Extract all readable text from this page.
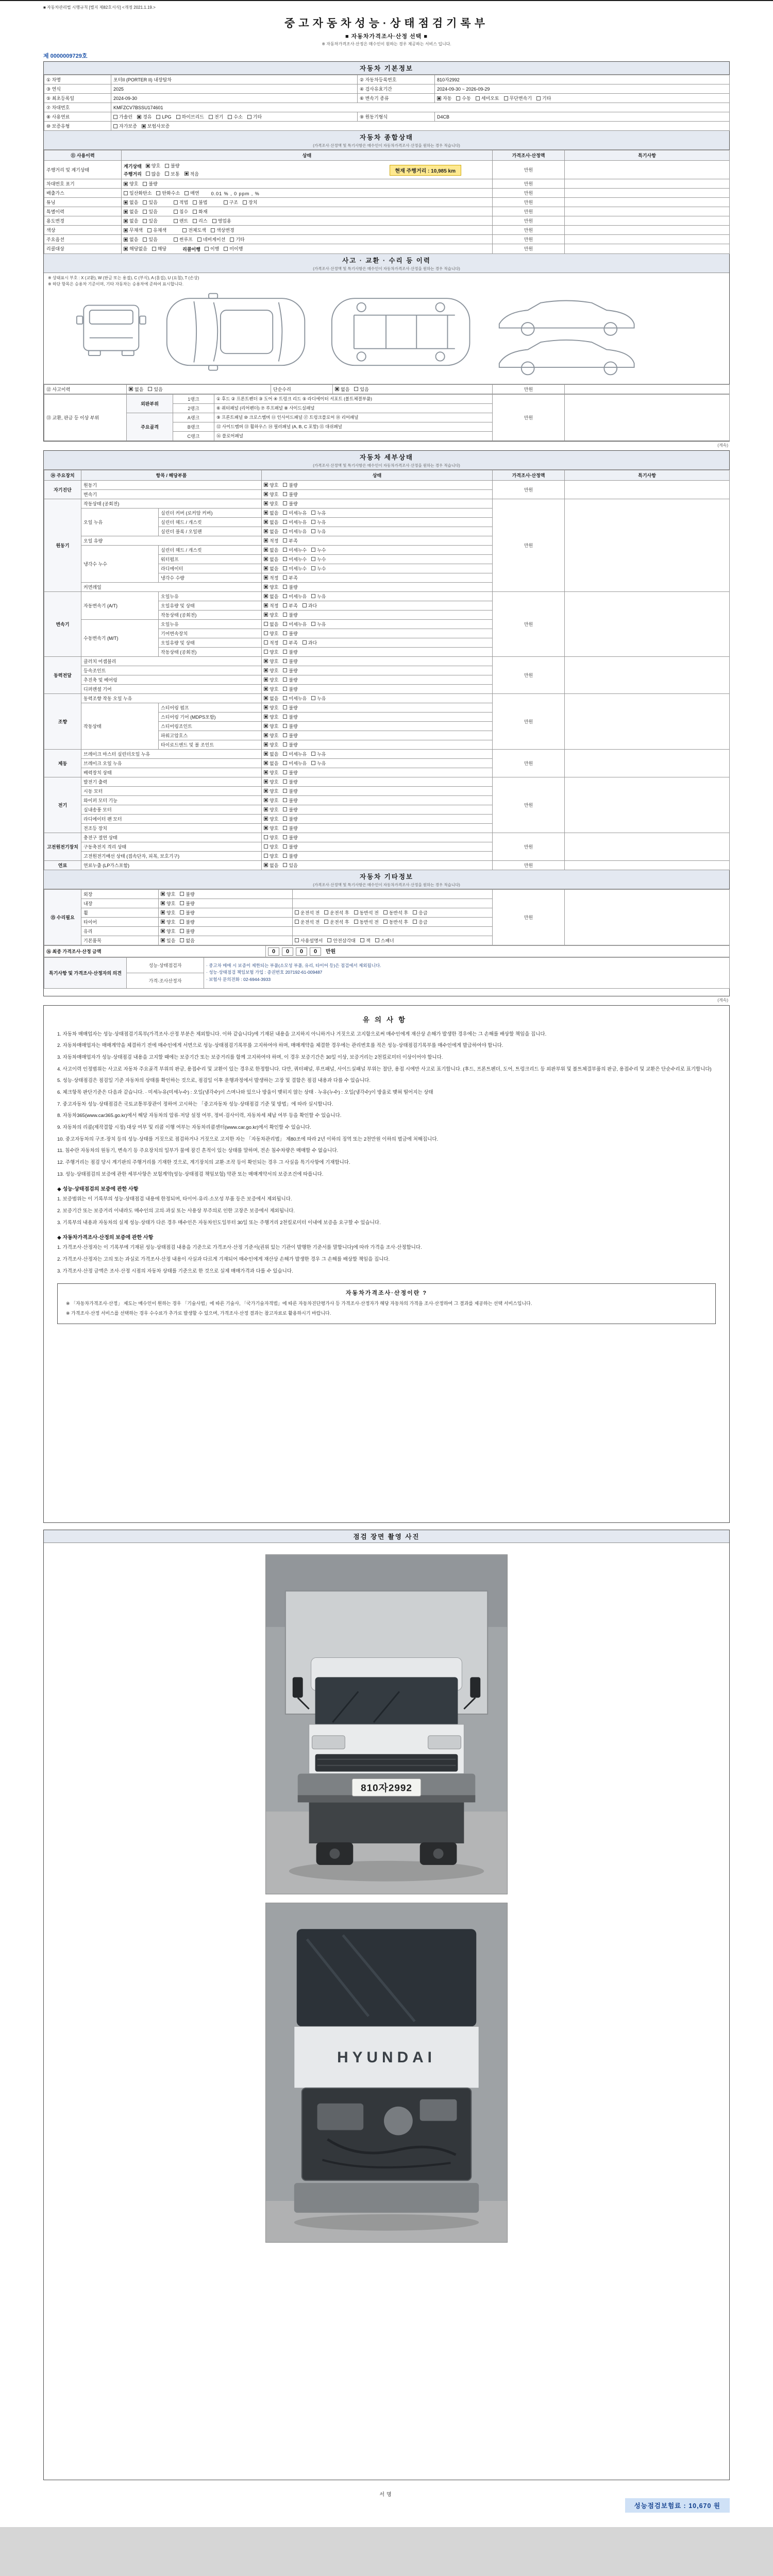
■ 자동차관리법 시행규칙 [별지 제82호서식] <개정 2021.1.19.>
중고자동차성능·상태점검기록부
■ 자동차가격조사·산정 선택 ■
※ 자동차가격조사·산정은 매수인이 원하는 경우 제공하는 서비스 입니다.
제 0000009729호
자동차 기본정보
① 차명	포터II (PORTER II) 내장탑차	② 자동차등록번호	810자2992
③ 연식	2025	④ 검사유효기간	2024-09-30 ~ 2026-09-29
⑤ 최초등록일	2024-09-30	⑥ 변속기 종류	자동 수동 세미오토 무단변속기 기타

⑦ 차대번호	KMFZCV7BSSU174601		
⑧ 사용연료	가솔린 경유 LPG 하이브리드 전기 수소 기타	⑨ 원동기형식	D4CB
⑩ 보증유형	자가보증 보험사보증		
자동차 종합상태
(가격조사·산정액 및 특기사항은 매수인이 자동차가격조사·산정을 원하는 경우 적습니다)
⑪ 사용이력	상태	가격조사·산정액	특기사항
주행거리 및 계기상태	
계기상태 양호 불량
주행거리 많음 보통 적음	현재 주행거리 : 10,985 km	만원	
차대번호 표기	양호 불량	만원	
배출가스	일산화탄소 탄화수소 매연 0.01 % , 0 ppm , %	만원	
튜닝	없음 있음	적법 불법	구조 장치	만원	
특별이력	없음 있음 침수 화재	만원	
용도변경	없음 있음 렌트 리스 영업용	만원	
색상	무채색 유채색 전체도색 색상변경	만원	
주요옵션	없음 있음 썬루프 네비게이션 기타	만원	
리콜대상	해당없음 해당 리콜이행 이행 미이행	만원	
사고 · 교환 · 수리 등 이력
(가격조사·산정액 및 특기사항은 매수인이 자동차가격조사·산정을 원하는 경우 적습니다)
※ 상태표시 부호 : X (교환), W (판금 또는 용접), C (부식), A (흠집), U (요철), T (손상)
※ 하단 항목은 승용차 기준이며, 기타 자동차는 승용차에 준하여 표시합니다.
⑫ 사고이력	없음 있음	단순수리	없음 있음	만원	
⑬ 교환, 판금 등 이상 부위	외판부위	1랭크	① 후드 ② 프론트펜더 ③ 도어 ④ 트렁크 리드 ⑤ 라디에이터 서포트 (볼트체결부품)	만원	
		2랭크	⑥ 쿼터패널 (리어펜더) ⑦ 루프패널 ⑧ 사이드실패널		
	주요골격	A랭크	⑨ 프론트패널 ⑩ 크로스멤버 ⑪ 인사이드패널 ⑰ 트렁크플로어 ⑱ 리어패널		
		B랭크	⑫ 사이드멤버 ⑬ 휠하우스 ⑭ 필러패널 (A, B, C 포함) ⑮ 대쉬패널		
		C랭크	⑯ 플로어패널		
(계속)
자동차 세부상태
(가격조사·산정액 및 특기사항은 매수인이 자동차가격조사·산정을 원하는 경우 적습니다)
⑭ 주요장치	항목 / 해당부품		상태	가격조사·산정액	특기사항
자기진단	원동기		양호 불량	만원	
	변속기		양호 불량		

원동기	작동상태 (공회전)		양호 불량	만원	
	오일 누유	실린더 커버 (로커암 커버)	없음 미세누유 누유		

		실린더 헤드 / 개스킷	없음 미세누유 누유		

		실린더 블록 / 오일팬	없음 미세누유 누유		

	오일 유량		적정 부족		

	냉각수 누수	실린더 헤드 / 개스킷	없음 미세누수 누수		

		워터펌프	없음 미세누수 누수		

		라디에이터	없음 미세누수 누수		

		냉각수 수량	적정 부족		

	커먼레일		양호 불량		

변속기	자동변속기 (A/T)	오일누유	없음 미세누유 누유	만원	
		오일유량 및 상태	적정 부족 과다		

		작동상태 (공회전)	양호 불량		

	수동변속기 (M/T)	오일누유	없음 미세누유 누유		

		기어변속장치	양호 불량		

		오일유량 및 상태	적정 부족 과다		

		작동상태 (공회전)	양호 불량		

동력전달	클러치 어셈블리		양호 불량	만원	
	등속조인트		양호 불량		

	추진축 및 베어링		양호 불량		

	디퍼렌셜 기어		양호 불량		

조향	동력조향 작동 오일 누유		없음 미세누유 누유	만원	
	작동상태	스티어링 펌프	양호 불량		

		스티어링 기어 (MDPS포함)	양호 불량		

		스티어링조인트	양호 불량		

		파워고압호스	양호 불량		

		타이로드엔드 및 볼 조인트	양호 불량		

제동	브레이크 마스터 실린더오일 누유		없음 미세누유 누유	만원	
	브레이크 오일 누유		없음 미세누유 누유		

	배력장치 상태		양호 불량		

전기	발전기 출력		양호 불량	만원	
	시동 모터		양호 불량		

	와이퍼 모터 기능		양호 불량		

	실내송풍 모터		양호 불량		

	라디에이터 팬 모터		양호 불량		

	전조등 장치		양호 불량		

고전원전기장치	충전구 절연 상태		양호 불량	만원	
	구동축전지 격리 상태		양호 불량		

	고전원전기배선 상태 (접속단자, 피복, 보호기구)		양호 불량		

연료	연료누출 (LP가스포함)		없음 있음	만원	
자동차 기타정보
(가격조사·산정액 및 특기사항은 매수인이 자동차가격조사·산정을 원하는 경우 적습니다)
⑮ 수리필요	외장	양호 불량		만원	
	내장	양호 불량			

	휠	양호 불량	운전석 전 운전석 후 동반석 전 동반석 후 응급		

	타이어	양호 불량	운전석 전 운전석 후 동반석 전 동반석 후 응급		

	유리	양호 불량			

	기본품목	있음 없음	사용설명서 안전삼각대 잭 스패너		
⑯ 최종 가격조사·산정 금액	0 0 0 0 만원
특기사항 및 가격조사·산정자의 의견	성능·상태점검자	· 중고차 매매 시 보증이 제한되는 부품(소모성 부품, 유리, 타이어 등)은 점검에서 제외됩니다.
· 성능·상태점검 책임보험 가입 : 증권번호 207192-61-009487
· 보험사 문의전화 : 02-6944-3933

가격·조사산정자
(계속)
유의사항
1. 자동차 매매업자는 성능·상태점검기록부(가격조사·산정 부분은 제외합니다. 이하 같습니다)에 기재된 내용을 고지하지 아니하거나 거짓으로 고지함으로써 매수인에게 재산상 손해가 발생한 경우에는 그 손해를 배상할 책임을 집니다.
2. 자동차매매업자는 매매계약을 체결하기 전에 매수인에게 서면으로 성능·상태점검기록부를 고지하여야 하며, 매매계약을 체결한 경우에는 관리번호를 적은 성능·상태점검기록부를 매수인에게 발급하여야 합니다.
3. 자동차매매업자가 성능·상태점검 내용을 고지할 때에는 보증기간 또는 보증거리를 함께 고지하여야 하며, 이 경우 보증기간은 30일 이상, 보증거리는 2천킬로미터 이상이어야 합니다.
4. 사고이력 인정범위는 사고로 자동차 주요골격 부위의 판금, 용접수리 및 교환이 있는 경우로 한정합니다. 다만, 쿼터패널, 루프패널, 사이드실패널 부위는 절단, 용접 시에만 사고로 표기합니다. (후드, 프론트펜더, 도어, 트렁크리드 등 외판부위 및 볼트체결부품의 판금, 용접수리 및 교환은 단순수리로 표기합니다)
5. 성능·상태점검은 점검일 기준 자동차의 상태를 확인하는 것으로, 점검일 이후 운행과정에서 발생하는 고장 및 결함은 점검 내용과 다를 수 있습니다.
6. 체크항목 판단기준은 다음과 같습니다. · 미세누유(미세누수) : 오일(냉각수)이 스며나와 있으나 방울이 맺히지 않는 상태 · 누유(누수) : 오일(냉각수)이 방울로 맺혀 떨어지는 상태
7. 중고자동차 성능·상태점검은 국토교통부장관이 정하여 고시하는 「중고자동차 성능·상태점검 기준 및 방법」에 따라 실시합니다.
8. 자동차365(www.car365.go.kr)에서 해당 자동차의 압류·저당 설정 여부, 정비·검사이력, 자동차세 체납 여부 등을 확인할 수 있습니다.
9. 자동차의 리콜(제작결함 시정) 대상 여부 및 리콜 이행 여부는 자동차리콜센터(www.car.go.kr)에서 확인할 수 있습니다.
10. 중고자동차의 구조·장치 등의 성능·상태를 거짓으로 점검하거나 거짓으로 고지한 자는 「자동차관리법」 제80조에 따라 2년 이하의 징역 또는 2천만원 이하의 벌금에 처해집니다.
11. 침수란 자동차의 원동기, 변속기 등 주요장치의 일부가 물에 잠긴 흔적이 있는 상태를 말하며, 전손 침수차량은 매매할 수 없습니다.
12. 주행거리는 점검 당시 계기판의 주행거리를 기재한 것으로, 계기장치의 교환·조작 등이 확인되는 경우 그 사실을 특기사항에 기재합니다.
13. 성능·상태점검의 보증에 관한 세부사항은 보험계약(성능·상태점검 책임보험) 약관 또는 매매계약서의 보증조건에 따릅니다.
◆ 성능·상태점검의 보증에 관한 사항
1. 보증범위는 이 기록부의 성능·상태점검 내용에 한정되며, 타이어·유리·소모성 부품 등은 보증에서 제외됩니다.
2. 보증기간 또는 보증거리 이내라도 매수인의 고의·과실 또는 사용상 부주의로 인한 고장은 보증에서 제외됩니다.
3. 기록부의 내용과 자동차의 실제 성능·상태가 다른 경우 매수인은 자동차인도일부터 30일 또는 주행거리 2천킬로미터 이내에 보증을 요구할 수 있습니다.
◆ 자동차가격조사·산정의 보증에 관한 사항
1. 가격조사·산정자는 이 기록부에 기재된 성능·상태점검 내용을 기준으로 가격조사·산정 기준서(권위 있는 기관이 발행한 기준서를 말합니다)에 따라 가격을 조사·산정합니다.
2. 가격조사·산정자는 고의 또는 과실로 가격조사·산정 내용이 사실과 다르게 기재되어 매수인에게 재산상 손해가 발생한 경우 그 손해를 배상할 책임을 집니다.
3. 가격조사·산정 금액은 조사·산정 시점의 자동차 상태를 기준으로 한 것으로 실제 매매가격과 다를 수 있습니다.
자동차가격조사·산정이란 ?
※ 「자동차가격조사·산정」 제도는 매수인이 원하는 경우 「기술사법」에 따른 기술사, 「국가기술자격법」에 따른 자동차진단평가사 등 가격조사·산정자가 해당 자동차의 가격을 조사·산정하여 그 결과를 제공하는 선택 서비스입니다.
※ 가격조사·산정 서비스를 선택하는 경우 수수료가 추가로 발생할 수 있으며, 가격조사·산정 결과는 참고자료로 활용하시기 바랍니다.
점검 장면 촬영 사진
810자2992
HYUNDAI
서명
성능점검보험료 : 10,670 원
